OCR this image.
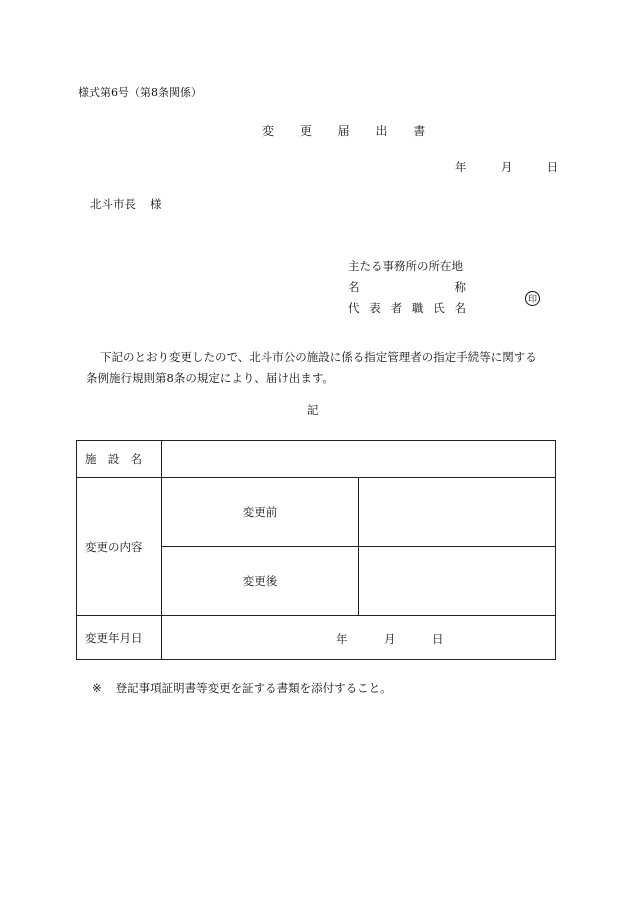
様式第6号（第8条関係）
変 更 届 出 書
年	月	日
北斗市長 様
主たる事務所の所在地
名	称
代 表 者 職 氏 名
印

下記のとおり変更したので、北斗市公の施設に係る指定管理者の指定手続等に関する

条例施行規則第8条の規定により、届け出ます。

記
施 設 名		

変更の内容	変更前	
	変更後	
変更年月日	年 月 日	
※ 登記事項証明書等変更を証する書類を添付すること。
